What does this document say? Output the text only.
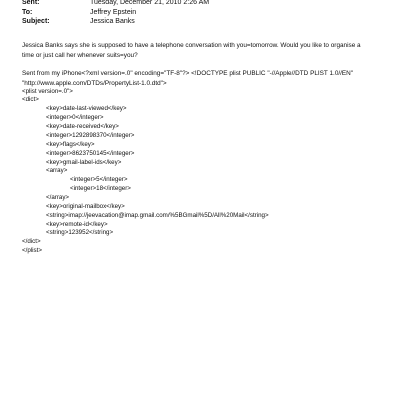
Sent:	Tuesday, December 21, 2010 2:26 AM
To:	Jeffrey Epstein
Subject:	Jessica Banks

Jessica Banks says she is supposed to have a telephone conversation with you=tomorrow. Would you like to organise a time or just call her whenever suits=you?

Sent from my iPhone<?xml version=.0" encoding="TF-8"?> <!DOCTYPE plist PUBLIC "-//Apple//DTD PLIST 1.0//EN" "http://www.apple.com/DTDs/PropertyList-1.0.dtd">

<plist version=.0">
<dict>
<key>date-last-viewed</key>
<integer>0</integer>
<key>date-received</key>
<integer>1292898370</integer>
<key>flags</key>
<integer>8623750145</integer>
<key>gmail-label-ids</key>
<array>
<integer>5</integer>
<integer>18</integer>
</array>
<key>original-mailbox</key>
<string>imap://jeevacation@imap.gmail.com/%5BGmail%5D/All%20Mail</string>
<key>remote-id</key>
<string>123952</string>
</dict>
</plist>
